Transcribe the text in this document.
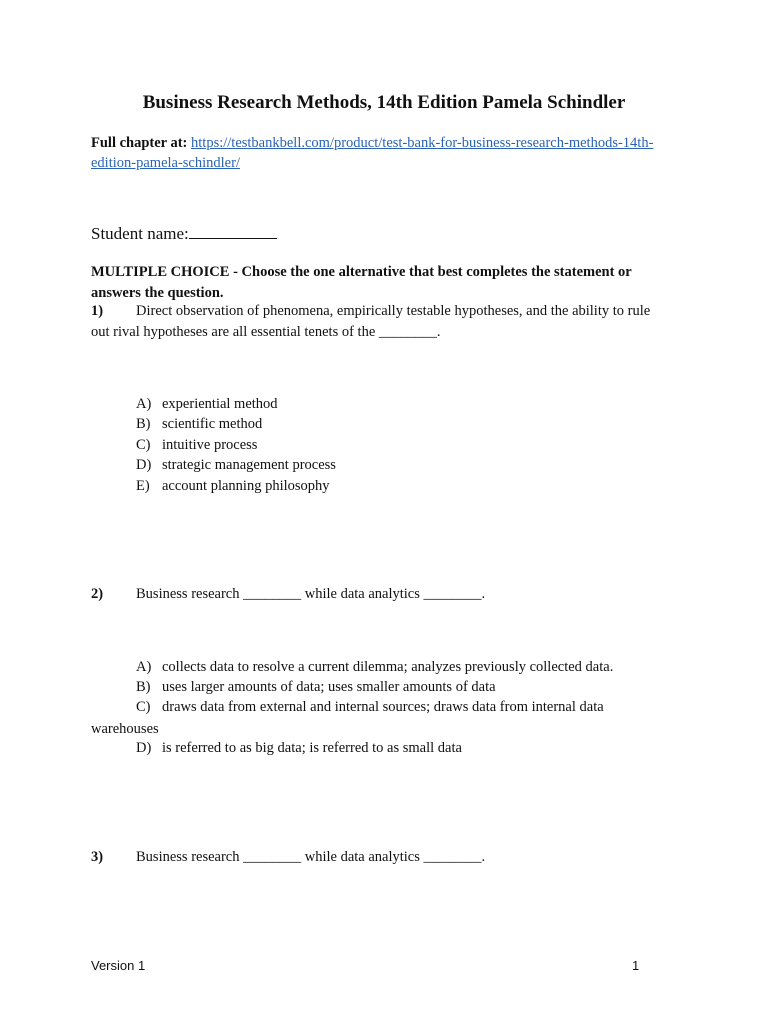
Business Research Methods, 14th Edition Pamela Schindler
Full chapter at: https://testbankbell.com/product/test-bank-for-business-research-methods-14th-
edition-pamela-schindler/
Student name:
MULTIPLE CHOICE - Choose the one alternative that best completes the statement or
answers the question.
1) Direct observation of phenomena, empirically testable hypotheses, and the ability to rule
out rival hypotheses are all essential tenets of the ________.
A) experiential method
B) scientific method
C) intuitive process
D) strategic management process
E) account planning philosophy
2) Business research ________ while data analytics ________.
A) collects data to resolve a current dilemma; analyzes previously collected data.
B) uses larger amounts of data; uses smaller amounts of data
C) draws data from external and internal sources; draws data from internal data
warehouses
D) is referred to as big data; is referred to as small data
3) Business research ________ while data analytics ________.
Version 1	1
